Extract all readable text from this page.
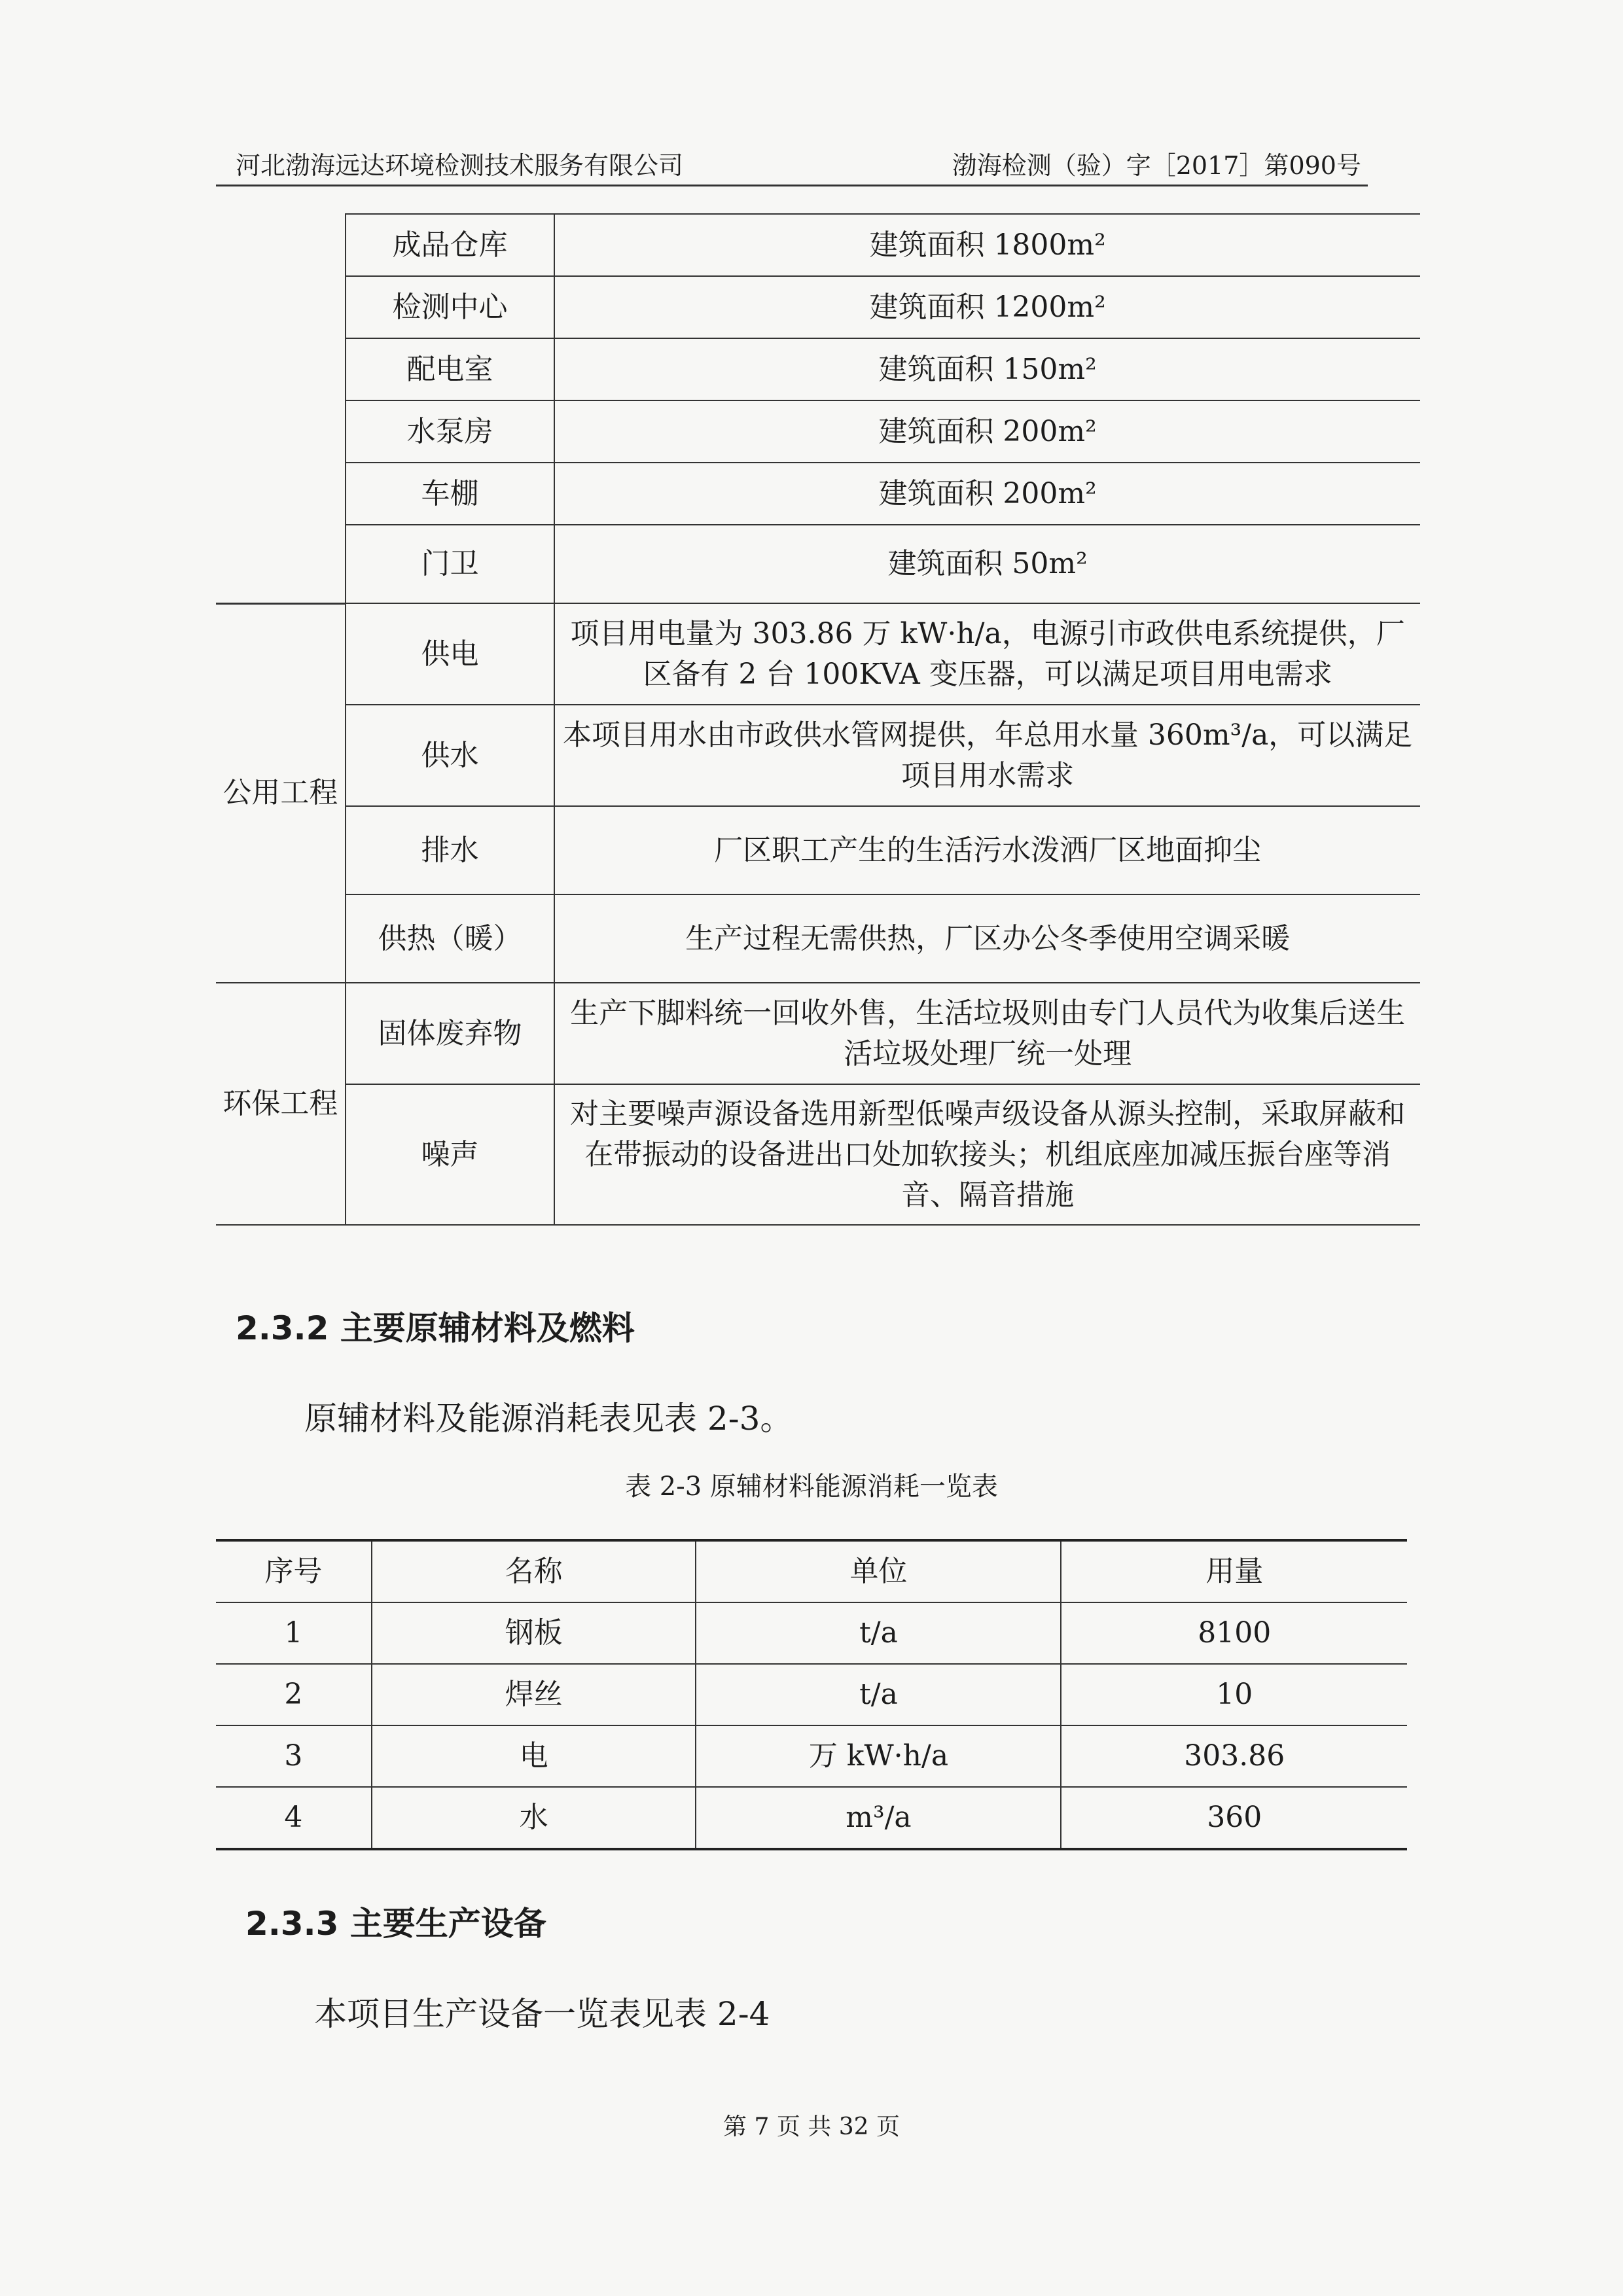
河北渤海远达环境检测技术服务有限公司	渤海检测（验）字［2017］第090号
	成品仓库	建筑面积 1800m²
	检测中心	建筑面积 1200m²
	配电室	建筑面积 150m²
	水泵房	建筑面积 200m²
	车棚	建筑面积 200m²
	门卫	建筑面积 50m²
公用工程	供电	项目用电量为 303.86 万 kW·h/a，电源引市政供电系统提供，厂区备有 2 台 100KVA 变压器，可以满足项目用电需求
	供水	本项目用水由市政供水管网提供，年总用水量 360m³/a，可以满足项目用水需求
	排水	厂区职工产生的生活污水泼洒厂区地面抑尘
	供热（暖）	生产过程无需供热，厂区办公冬季使用空调采暖
环保工程	固体废弃物	生产下脚料统一回收外售，生活垃圾则由专门人员代为收集后送生活垃圾处理厂统一处理
	噪声	对主要噪声源设备选用新型低噪声级设备从源头控制，采取屏蔽和在带振动的设备进出口处加软接头；机组底座加减压振台座等消音、隔音措施
2.3.2 主要原辅材料及燃料
原辅材料及能源消耗表见表 2-3。
表 2-3 原辅材料能源消耗一览表
序号	名称	单位	用量
1	钢板	t/a	8100
2	焊丝	t/a	10
3	电	万 kW·h/a	303.86
4	水	m³/a	360
2.3.3 主要生产设备
本项目生产设备一览表见表 2-4
第 7 页 共 32 页
